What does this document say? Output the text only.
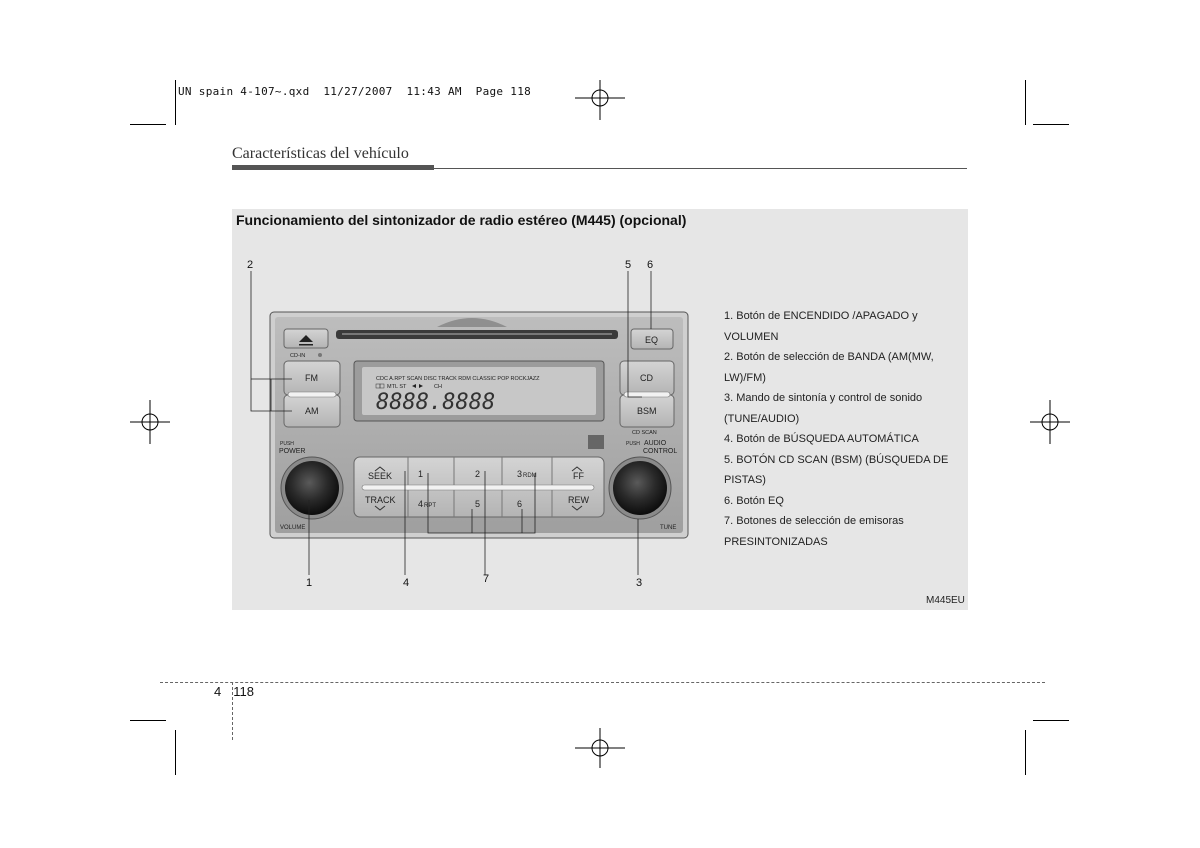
UN spain 4-107~.qxd  11/27/2007  11:43 AM  Page 118
Características del vehículo
Funcionamiento del sintonizador de radio estéreo (M445) (opcional)
CD-IN
FM
AM
PUSH
POWER
VOLUME
CDC A.RPT SCAN DISC TRACK RDM CLASSIC POP ROCKJAZZ
MTL ST	CH
8888.8888
EQ
CD
BSM
CD SCAN
PUSH AUDIO
CONTROL
TUNE
SEEK
TRACK
1	2	3 RDM	FF
4 RPT	5	6	REW
1
2
3
4
5 6
7
1. Botón de ENCENDIDO /APAGADO y
VOLUMEN
2. Botón de selección de BANDA (AM(MW,
LW)/FM)
3. Mando de sintonía y control de sonido
(TUNE/AUDIO)
4. Botón de BÚSQUEDA AUTOMÁTICA
5. BOTÓN CD SCAN (BSM) (BÚSQUEDA DE
PISTAS)
6. Botón EQ
7. Botones de selección de emisoras
PRESINTONIZADAS
M445EU
4 118
